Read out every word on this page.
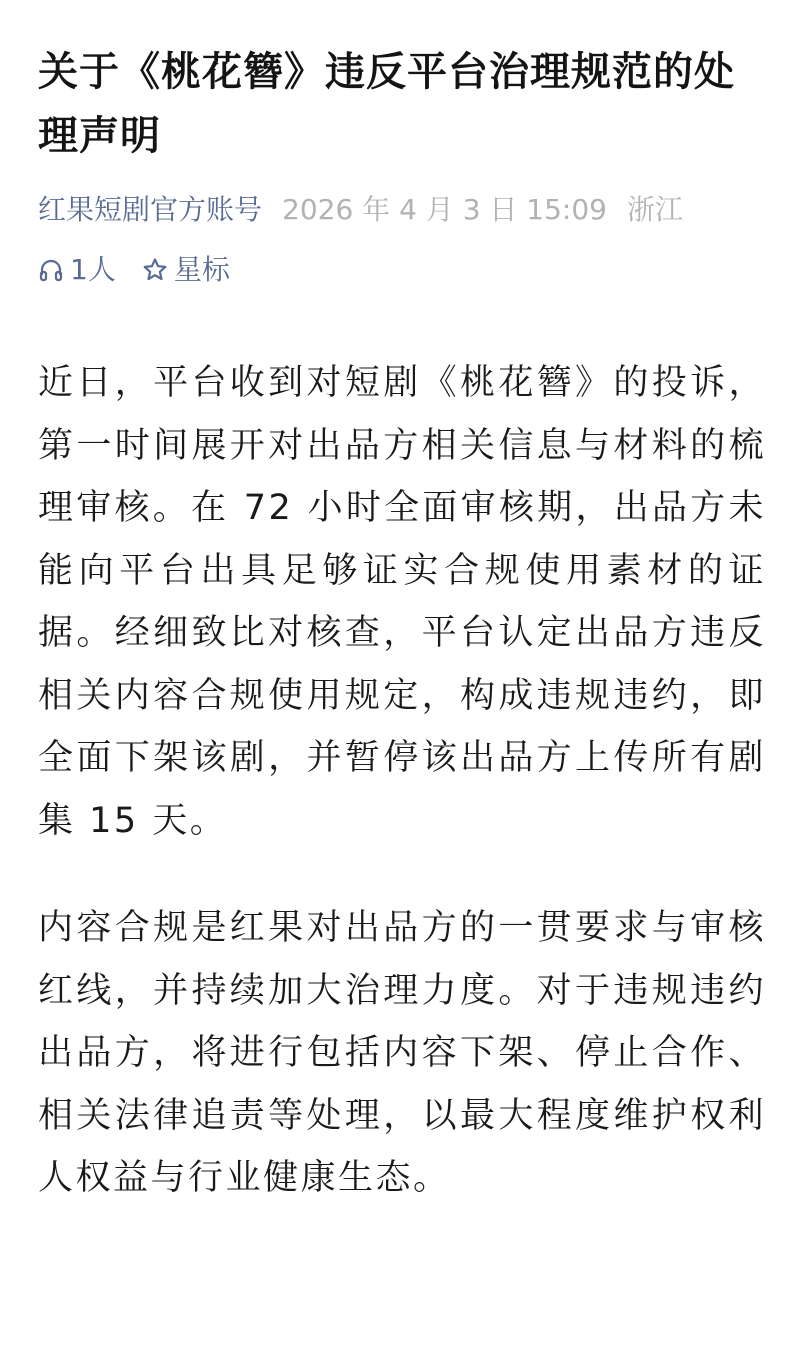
关于《桃花簪》违反平台治理规范的处理声明
红果短剧官方账号 2026 年 4 月 3 日 15:09 浙江
1人 星标

近日，平台收到对短剧《桃花簪》的投诉，第一时间展开对出品方相关信息与材料的梳理审核。在 72 小时全面审核期，出品方未能向平台出具足够证实合规使用素材的证据。经细致比对核查，平台认定出品方违反相关内容合规使用规定，构成违规违约，即全面下架该剧，并暂停该出品方上传所有剧集 15 天。

内容合规是红果对出品方的一贯要求与审核红线，并持续加大治理力度。对于违规违约出品方，将进行包括内容下架、停止合作、相关法律追责等处理，以最大程度维护权利人权益与行业健康生态。
